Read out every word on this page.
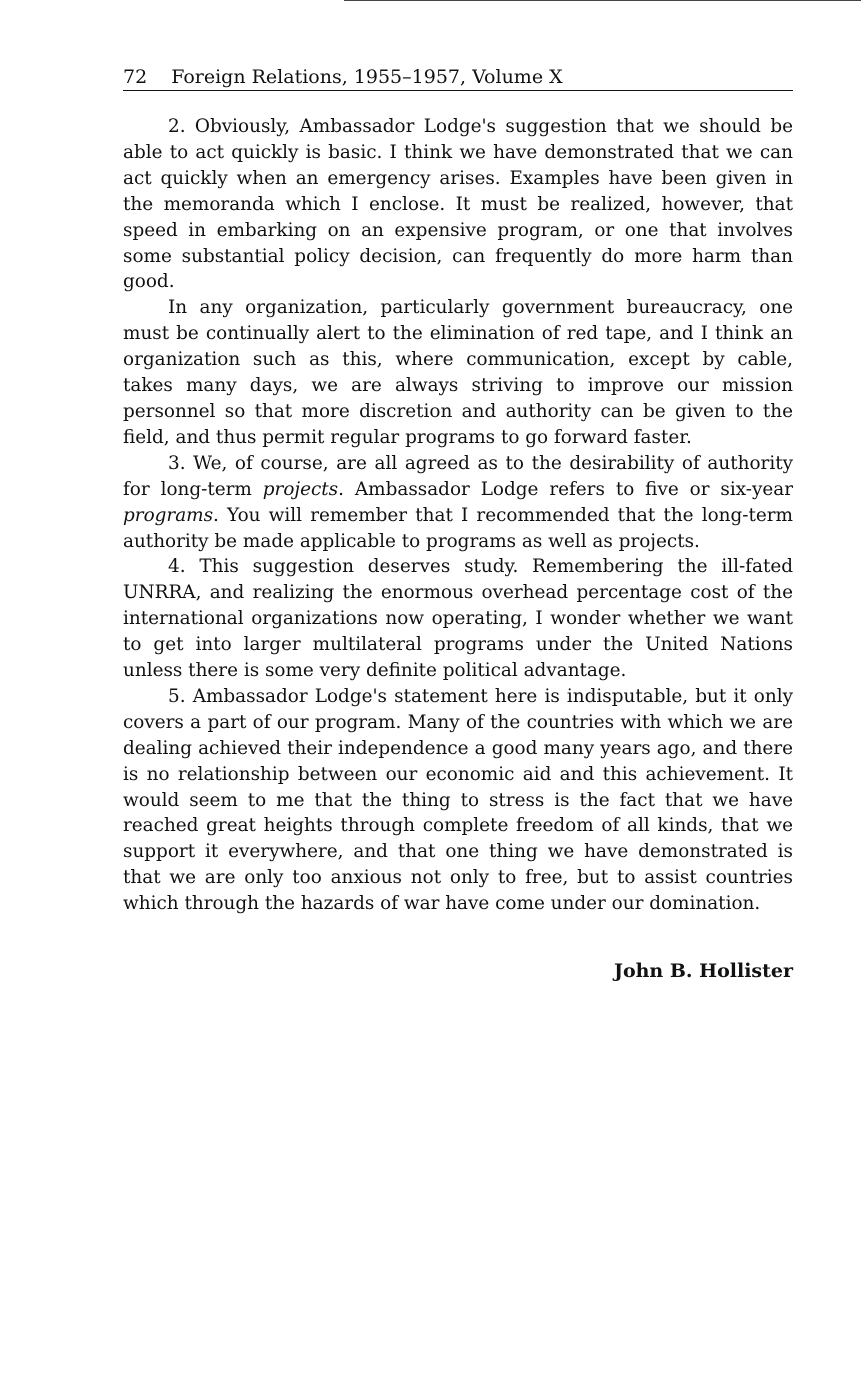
72 Foreign Relations, 1955–1957, Volume X

2. Obviously, Ambassador Lodge's suggestion that we should be able to act quickly is basic. I think we have demonstrated that we can act quickly when an emergency arises. Examples have been given in the memoranda which I enclose. It must be realized, however, that speed in embarking on an expensive program, or one that involves some substantial policy decision, can frequently do more harm than good.

In any organization, particularly government bureaucracy, one must be continually alert to the elimination of red tape, and I think an organization such as this, where communication, except by cable, takes many days, we are always striving to improve our mission personnel so that more discretion and authority can be given to the field, and thus permit regular programs to go forward faster.

3. We, of course, are all agreed as to the desirability of authority for long-term projects. Ambassador Lodge refers to five or six-year programs. You will remember that I recommended that the long-term authority be made applicable to programs as well as projects.

4. This suggestion deserves study. Remembering the ill-fated UNRRA, and realizing the enormous overhead percentage cost of the international organizations now operating, I wonder whether we want to get into larger multilateral programs under the United Nations unless there is some very definite political advantage.

5. Ambassador Lodge's statement here is indisputable, but it only covers a part of our program. Many of the countries with which we are dealing achieved their independence a good many years ago, and there is no relationship between our economic aid and this achievement. It would seem to me that the thing to stress is the fact that we have reached great heights through complete freedom of all kinds, that we support it everywhere, and that one thing we have demonstrated is that we are only too anxious not only to free, but to assist countries which through the hazards of war have come under our domination.

John B. Hollister
